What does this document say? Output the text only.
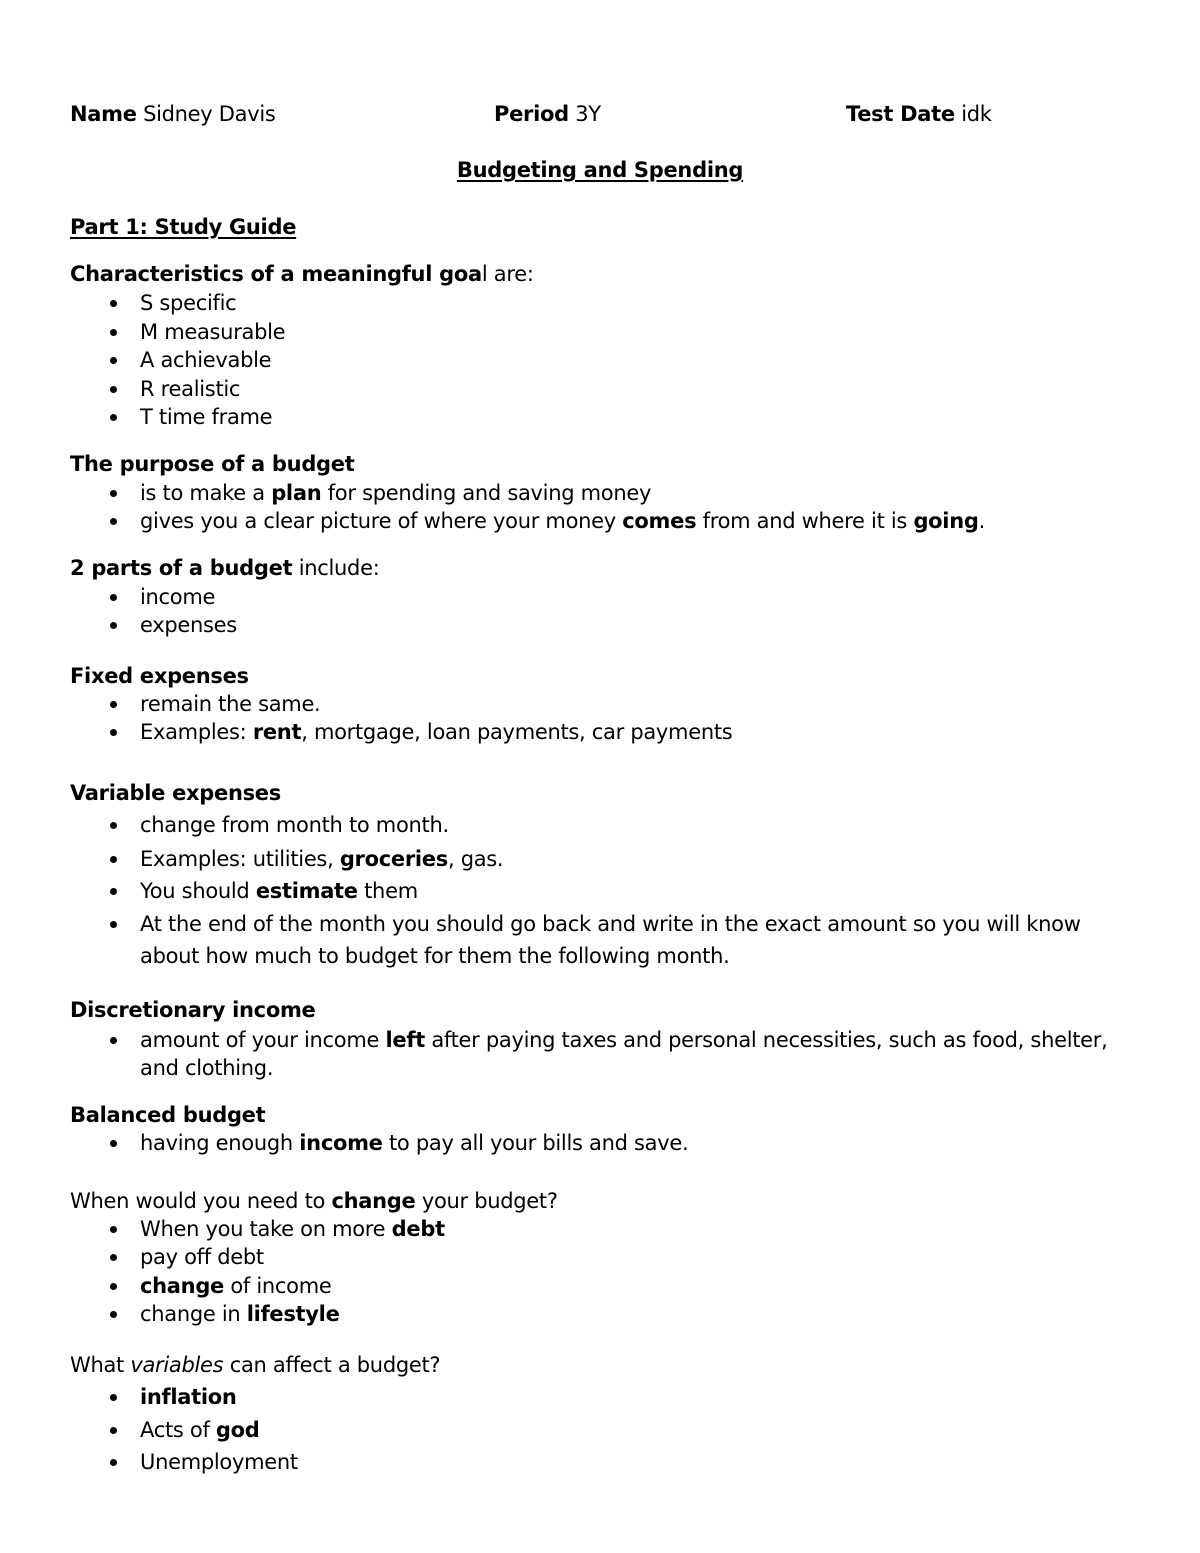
Name Sidney Davis	Period 3Y	Test Date idk
Budgeting and Spending
Part 1: Study Guide
Characteristics of a meaningful goal are:
S specific
M measurable
A achievable
R realistic
T time frame
The purpose of a budget
is to make a plan for spending and saving money
gives you a clear picture of where your money comes from and where it is going.
2 parts of a budget include:
income
expenses
Fixed expenses
remain the same.
Examples: rent, mortgage, loan payments, car payments
Variable expenses
change from month to month.
Examples: utilities, groceries, gas.
You should estimate them
At the end of the month you should go back and write in the exact amount so you will know about how much to budget for them the following month.
Discretionary income
amount of your income left after paying taxes and personal necessities, such as food, shelter, and clothing.
Balanced budget
having enough income to pay all your bills and save.
When would you need to change your budget?
When you take on more debt
pay off debt
change of income
change in lifestyle
What variables can affect a budget?
inflation
Acts of god
Unemployment
